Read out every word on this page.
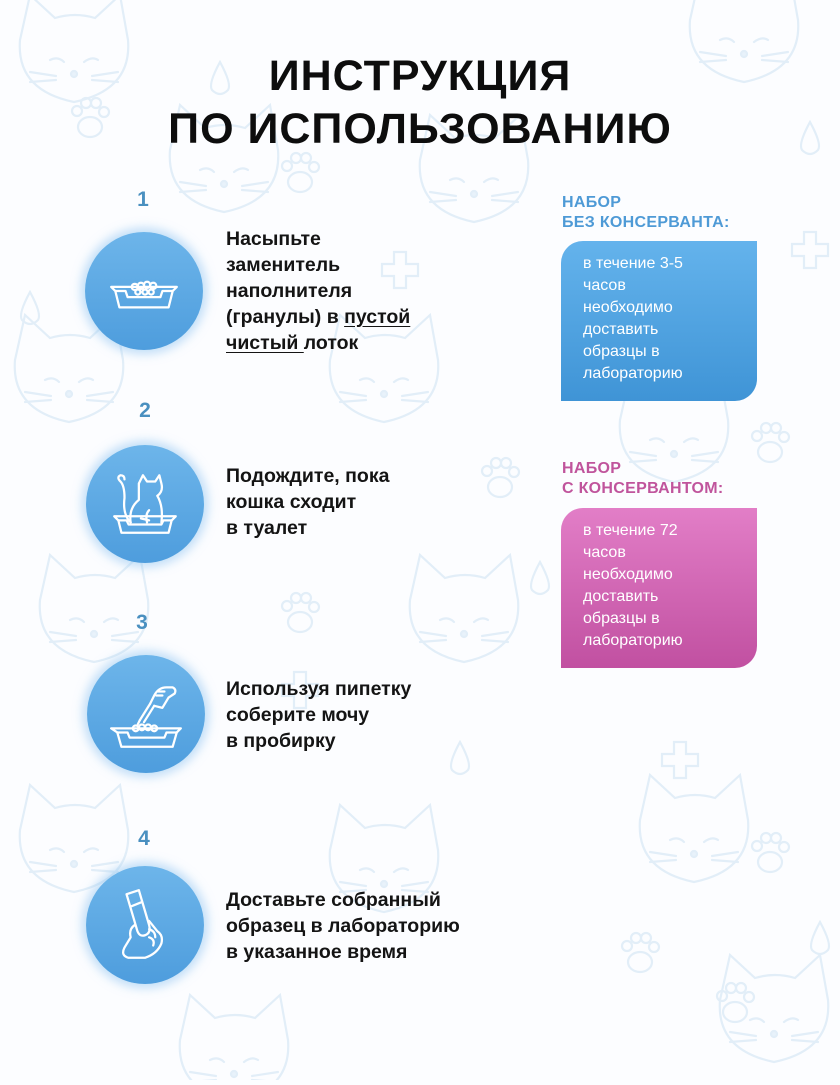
ИНСТРУКЦИЯ
ПО ИСПОЛЬЗОВАНИЮ
1
Насыпьте
заменитель
наполнителя
(гранулы) в пустой
чистый лоток
2
Подождите, пока
кошка сходит
в туалет
3
Используя пипетку
соберите мочу
в пробирку
4
Доставьте собранный
образец в лабораторию
в указанное время
НАБОР
БЕЗ КОНСЕРВАНТА:
в течение 3-5
часов
необходимо
доставить
образцы в
лабораторию
НАБОР
С КОНСЕРВАНТОМ:
в течение 72
часов
необходимо
доставить
образцы в
лабораторию
